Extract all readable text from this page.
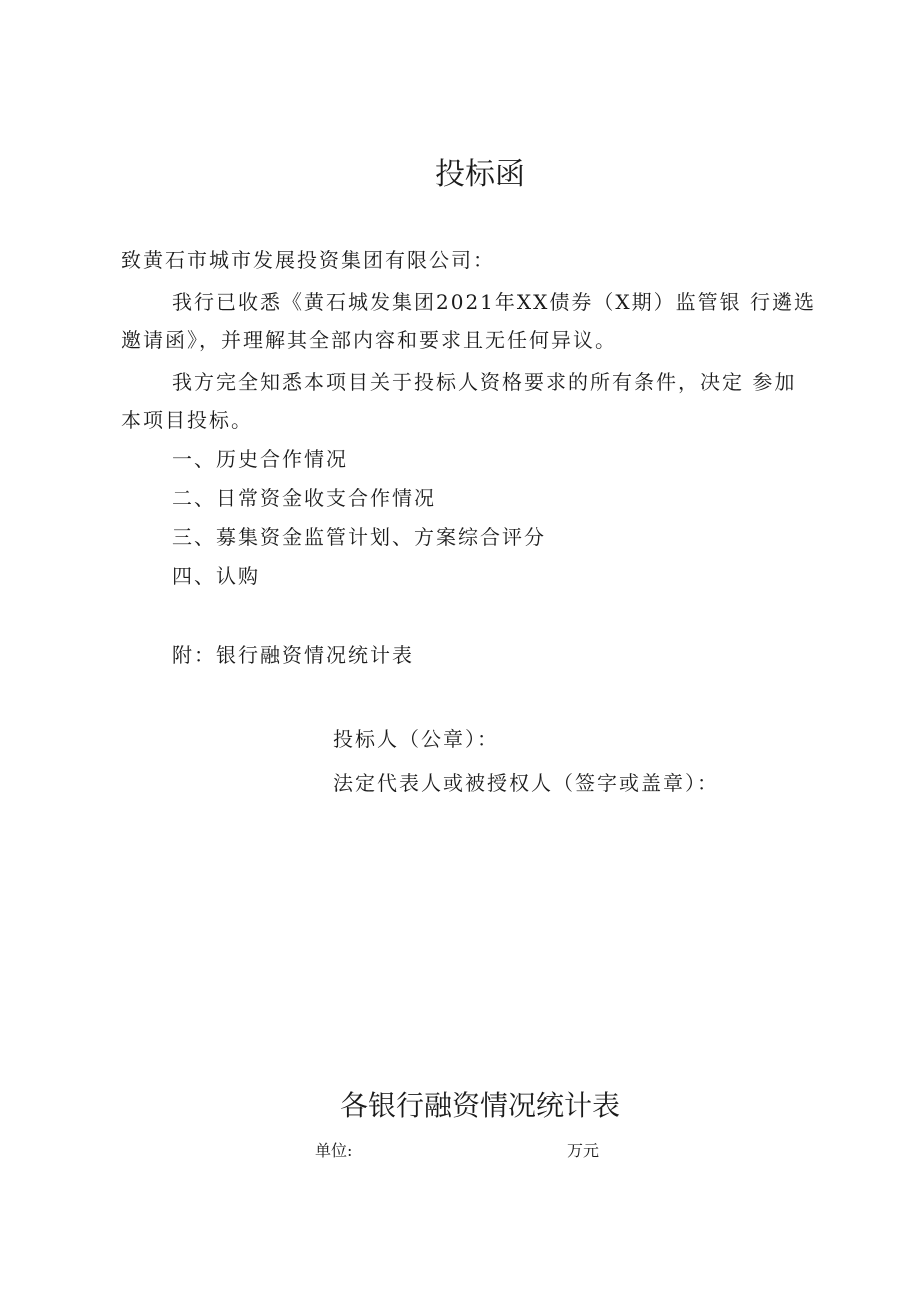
投标函
致黄石市城市发展投资集团有限公司：
我行已收悉《黄石城发集团2021年XX债券（X期）监管银 行遴选
邀请函》，并理解其全部内容和要求且无任何异议。
我方完全知悉本项目关于投标人资格要求的所有条件，决定 参加
本项目投标。
一、历史合作情况
二、日常资金收支合作情况
三、募集资金监管计划、方案综合评分
四、认购
附：银行融资情况统计表
投标人（公章）：
法定代表人或被授权人（签字或盖章）：
各银行融资情况统计表
单位:	万元
